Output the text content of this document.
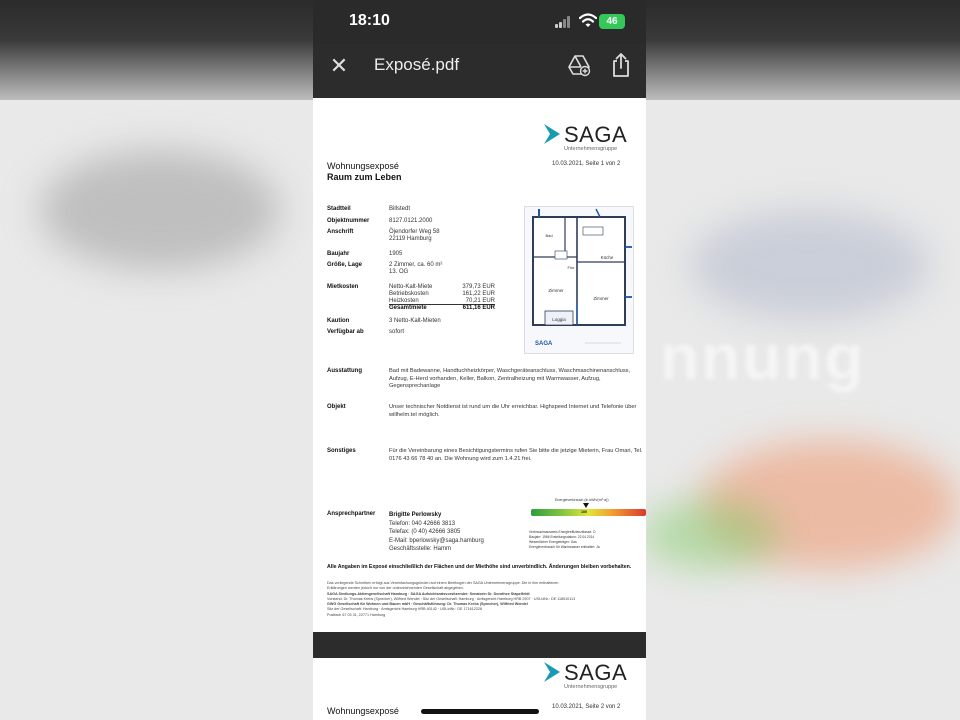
nnung
18:10	46
✕ Exposé.pdf
SAGA
Unternehmensgruppe
Wohnungsexposé
Raum zum Leben
10.03.2021, Seite 1 von 2
Stadtteil	Billstedt
Objektnummer	8127.0121.2000
Anschrift	Öjendorfer Weg 58
22119 Hamburg
Baujahr	1905
Größe, Lage	2 Zimmer, ca. 60 m²
13. OG
Mietkosten	Netto-Kalt-Miete	379,73 EUR
Betriebskosten	161,22 EUR
Heizkosten	70,21 EUR
Gesamtmiete	611,16 EUR
Kaution	3 Netto-Kalt-Mieten
Verfügbar ab	sofort
Zimmer
Zimmer
Küche
Loggia
Bad
Flur
SAGA
Ausstattung	Bad mit Badewanne, Handtuchheizkörper, Waschgeräteanschluss, Waschmaschinenanschluss, Aufzug, E-Herd vorhanden, Keller, Balkon, Zentralheizung mit Warmwasser, Aufzug, Gegensprechanlage
Objekt	Unser technischer Notdienst ist rund um die Uhr erreichbar. Highspeed Internet und Telefonie über willhelm.tel möglich.
Sonstiges	Für die Vereinbarung eines Besichtigungstermins rufen Sie bitte die jetzige Mieterin, Frau Omari, Tel. 0176 43 66 78 40 an. Die Wohnung wird zum 1.4.21 frei.
Energieverbrauch (in kWh/(m²·a))
100
Verbrauchsausweis Energieeffizienzklasse: D
Baujahr: 1966 Erstellungsdatum: 22.04.2014
Wesentlicher Energieträger: Gas
Energieverbrauch für Warmwasser enthalten: Ja
Ansprechpartner Brigitte Perlowsky
Telefon: 040 42666 3813
Telefax: (0 40) 42666 3805
E-Mail: bperlowsky@saga.hamburg
Geschäftsstelle: Hamm
Alle Angaben im Exposé einschließlich der Flächen und der Miethöhe sind unverbindlich. Änderungen bleiben vorbehalten.
Das vorliegende Schreiben erfolgt aus Vereinfachungsgründen auf einem Briefbogen der SAGA Unternehmensgruppe. Die in ihm enthaltenen
Erklärungen werden jedoch nur von der unterzeichnenden Gesellschaft abgegeben.
SAGA Siedlungs-Aktiengesellschaft Hamburg · SAGA Aufsichtsratsvorsitzender: Senatorin Dr. Dorothee Stapelfeldt
Vorstand: Dr. Thomas Krebs (Sprecher), Wilfried Wendel · Sitz der Gesellschaft: Hamburg · Amtsgericht Hamburg HRB 2907 · USt-IdNr.: DE 118510113
GWG Gesellschaft für Wohnen und Bauen mbH · Geschäftsführung: Dr. Thomas Krebs (Sprecher), Wilfried Wendel
Sitz der Gesellschaft: Hamburg · Amtsgericht Hamburg HRB 40142 · USt-IdNr.: DE 171612328
Postfach 67 03 31, 22771 Hamburg
SAGA
Unternehmensgruppe
Wohnungsexposé	10.03.2021, Seite 2 von 2
